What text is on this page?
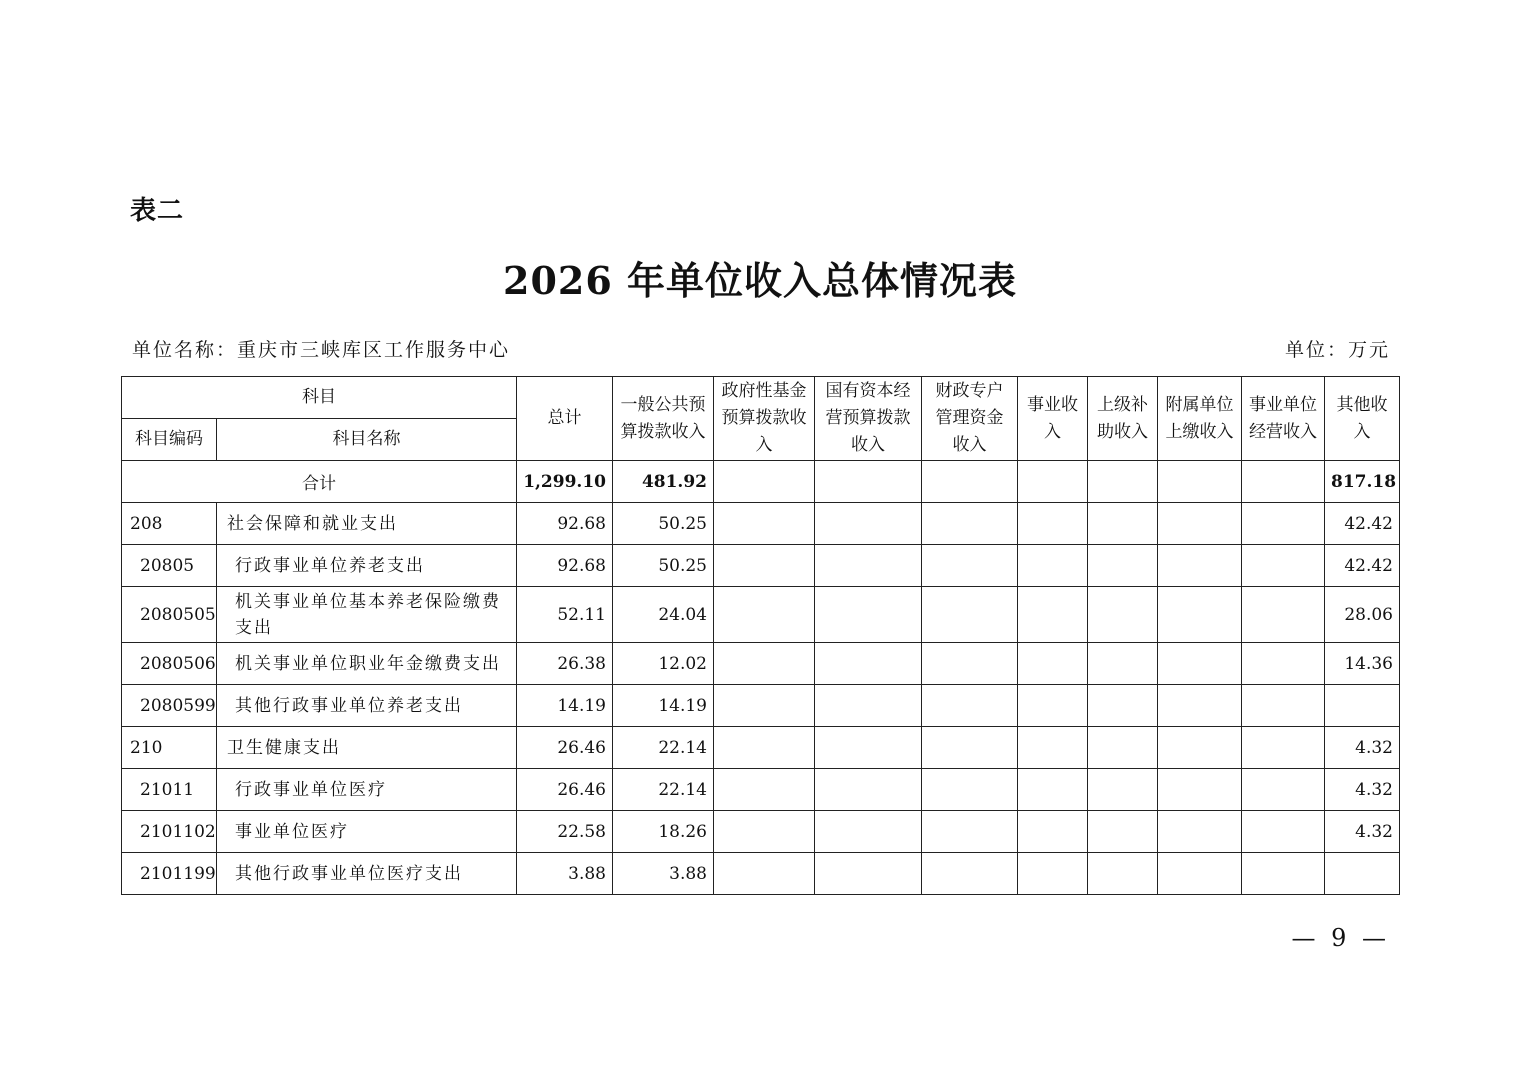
表二
2026 年单位收入总体情况表
单位名称：重庆市三峡库区工作服务中心	单位：万元
科目		总计	一般公共预算拨款收入	政府性基金预算拨款收入	国有资本经营预算拨款收入	财政专户管理资金收入	事业收入	上级补助收入	附属单位上缴收入	事业单位经营收入	其他收入
科目编码	科目名称										
合计		1,299.10	481.92								817.18
208	社会保障和就业支出	92.68	50.25								42.42
20805	行政事业单位养老支出	92.68	50.25								42.42
2080505	机关事业单位基本养老保险缴费支出	52.11	24.04								28.06
2080506	机关事业单位职业年金缴费支出	26.38	12.02								14.36
2080599	其他行政事业单位养老支出	14.19	14.19								
210	卫生健康支出	26.46	22.14								4.32
21011	行政事业单位医疗	26.46	22.14								4.32
2101102	事业单位医疗	22.58	18.26								4.32
2101199	其他行政事业单位医疗支出	3.88	3.88								
— 9 —
